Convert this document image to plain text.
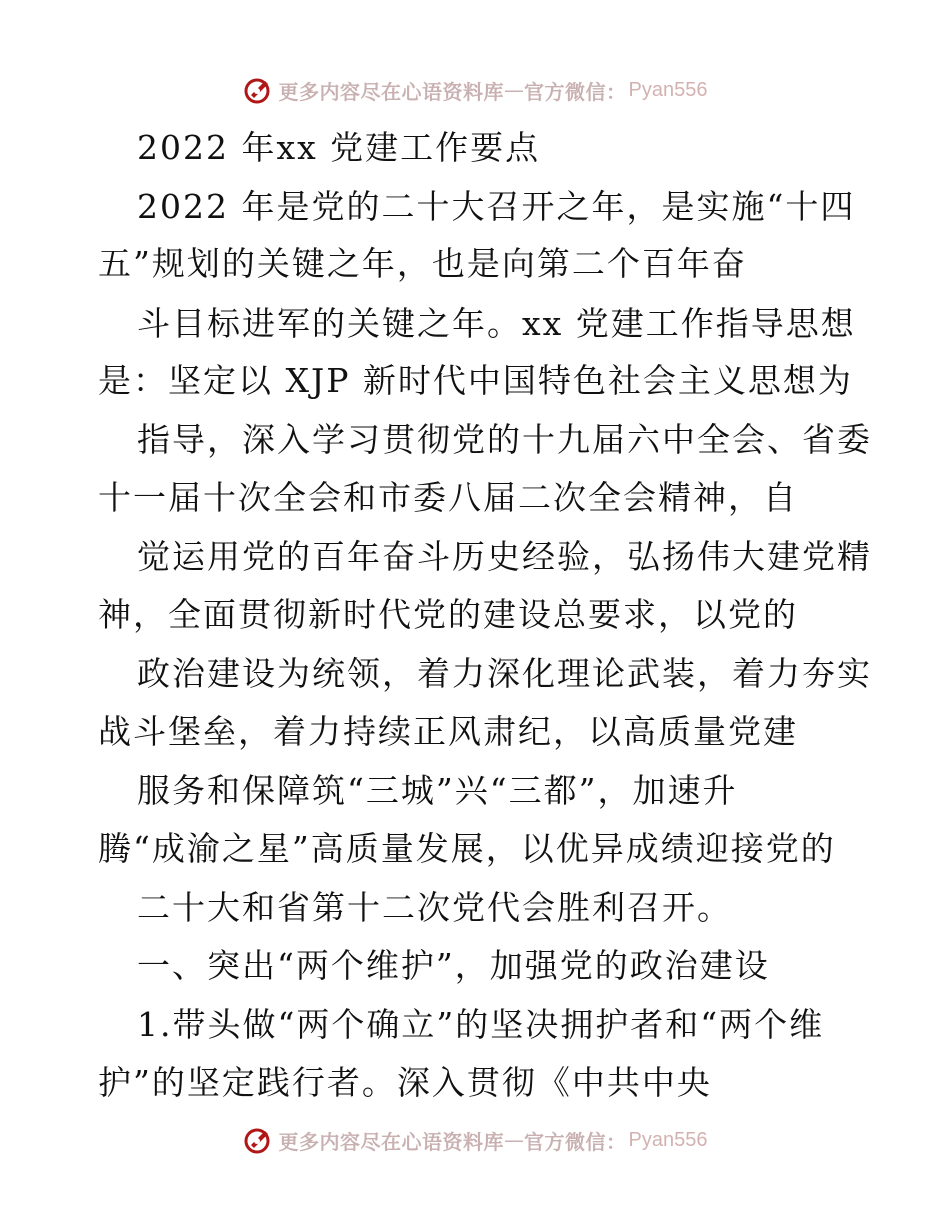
更多内容尽在心语资料库 — 官方微信： Pyan556
2022 年xx 党建工作要点
2022 年是党的二十大召开之年，是实施“十四
五”规划的关键之年，也是向第二个百年奋
斗目标进军的关键之年。xx 党建工作指导思想
是：坚定以 XJP 新时代中国特色社会主义思想为
指导，深入学习贯彻党的十九届六中全会、省委
十一届十次全会和市委八届二次全会精神，自
觉运用党的百年奋斗历史经验，弘扬伟大建党精
神，全面贯彻新时代党的建设总要求，以党的
政治建设为统领，着力深化理论武装，着力夯实
战斗堡垒，着力持续正风肃纪，以高质量党建
服务和保障筑“三城”兴“三都”，加速升
腾“成渝之星”高质量发展，以优异成绩迎接党的
二十大和省第十二次党代会胜利召开。
一、突出“两个维护”，加强党的政治建设
1.带头做“两个确立”的坚决拥护者和“两个维
护”的坚定践行者。深入贯彻《中共中央
更多内容尽在心语资料库 — 官方微信： Pyan556
